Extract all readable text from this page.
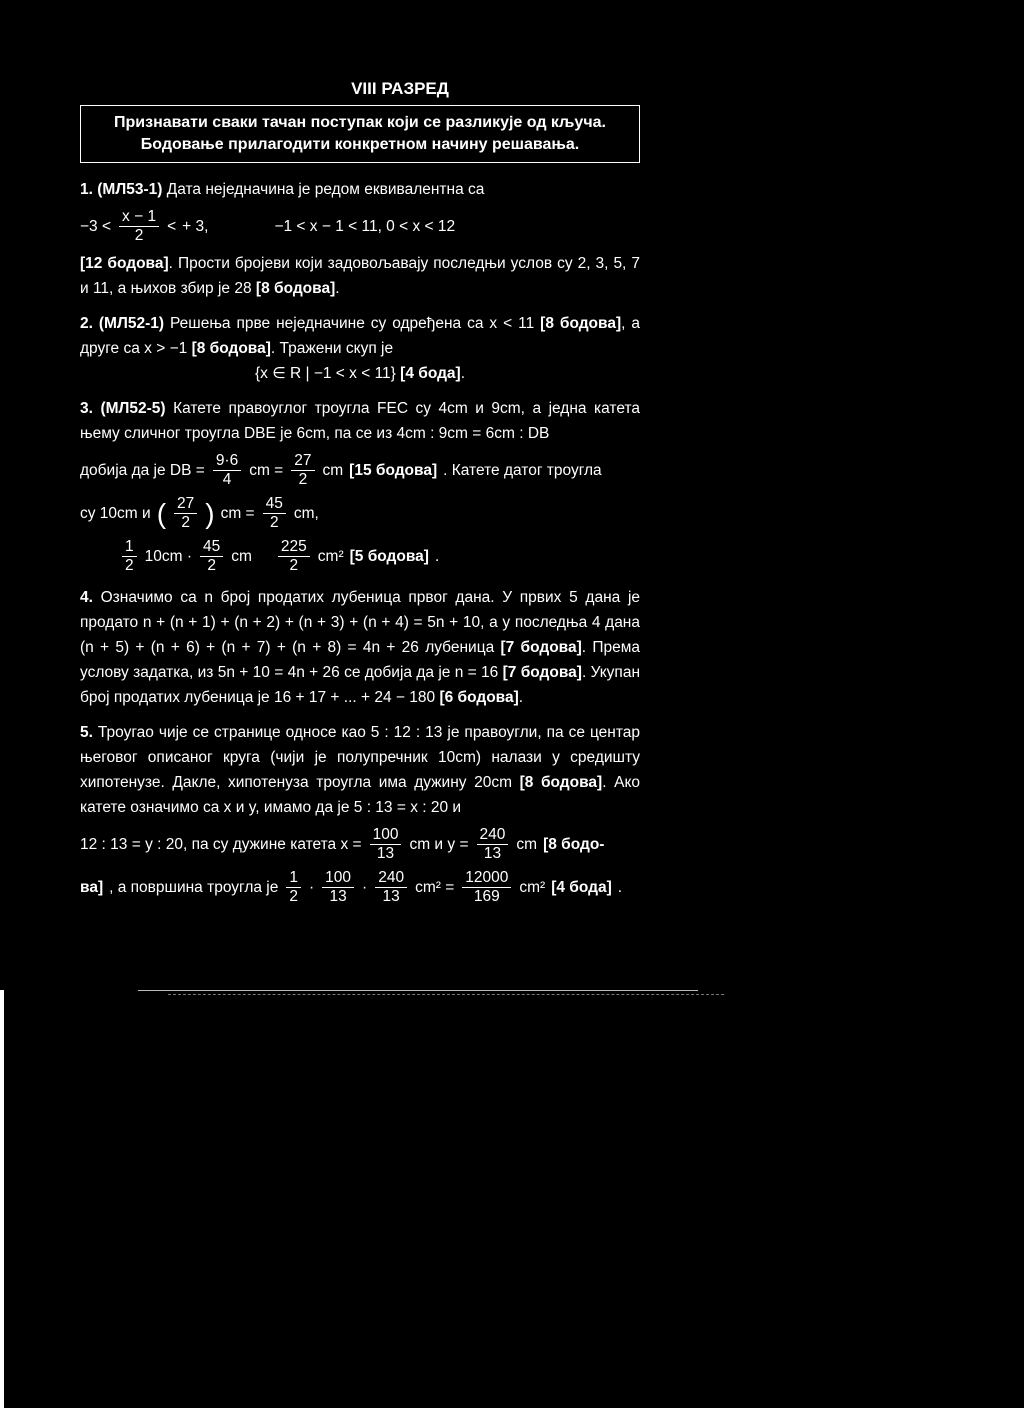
VIII РАЗРЕД
Признавати сваки тачан поступак који се разликује од кључа.
Бодовање прилагодити конкретном начину решавања.
1. (МЛ53-1) Дата неједначина је редом еквивалентна са
$-3 < \frac{x - 1}{2}$ < + 3,	−1 < x − 1 < 11, 0 < x < 12
[12 бодова]. Прости бројеви који задовољавају последњи услов су 2, 3, 5, 7 и 11, а њихов збир је 28 [8 бодова].
2. (МЛ52-1) Решења прве неједначине су одређена са x < 11 [8 бодова], а друге са x > −1 [8 бодова]. Тражени скуп је
{x ∈ R | −1 < x < 11} [4 бода].
3. (МЛ52-5) Катете правоуглог троугла FEC су 4cm и 9cm, а једна катета њему сличног троугла DBE је 6cm, па се из 4cm : 9cm = 6cm : DB
добија да је DB = $\frac{9\cdot 6}{4}$ cm = $\frac{27}{2}$ cm [15 бодова] . Катете датог троугла
су 10cm и ( $\frac{27}{2}$ ) cm = $\frac{45}{2}$ cm,
$\frac{1}{2} 10cm \cdot \frac{45}{2}$ cm $\frac{225}{2} cm^2$ [5 бодова] .
4. Означимо са n број продатих лубеница првог дана. У првих 5 дана је продато n + (n + 1) + (n + 2) + (n + 3) + (n + 4) = 5n + 10, а у последња 4 дана (n + 5) + (n + 6) + (n + 7) + (n + 8) = 4n + 26 лубеница [7 бодова]. Према услову задатка, из 5n + 10 = 4n + 26 се добија да је n = 16 [7 бодова]. Укупан број продатих лубеница је 16 + 17 + ... + 24 − 180 [6 бодова].
5. Троугао чије се странице односе као 5 : 12 : 13 је правоугли, па се центар његовог описаног круга (чији је полупречник 10cm) налази у средишту хипотенузе. Дакле, хипотенуза троугла има дужину 20cm [8 бодова]. Ако катете означимо са x и y, имамо да је 5 : 13 = x : 20 и
12 : 13 = y : 20, па су дужине катета $x = \frac{100}{13}$ cm и $y = \frac{240}{13}$ cm [8 бодо-
ва] , а површина троугла је $\frac{1}{2} \cdot \frac{100}{13} \cdot \frac{240}{13} cm^2 = \frac{12000}{169} cm^2$ [4 бода] .
